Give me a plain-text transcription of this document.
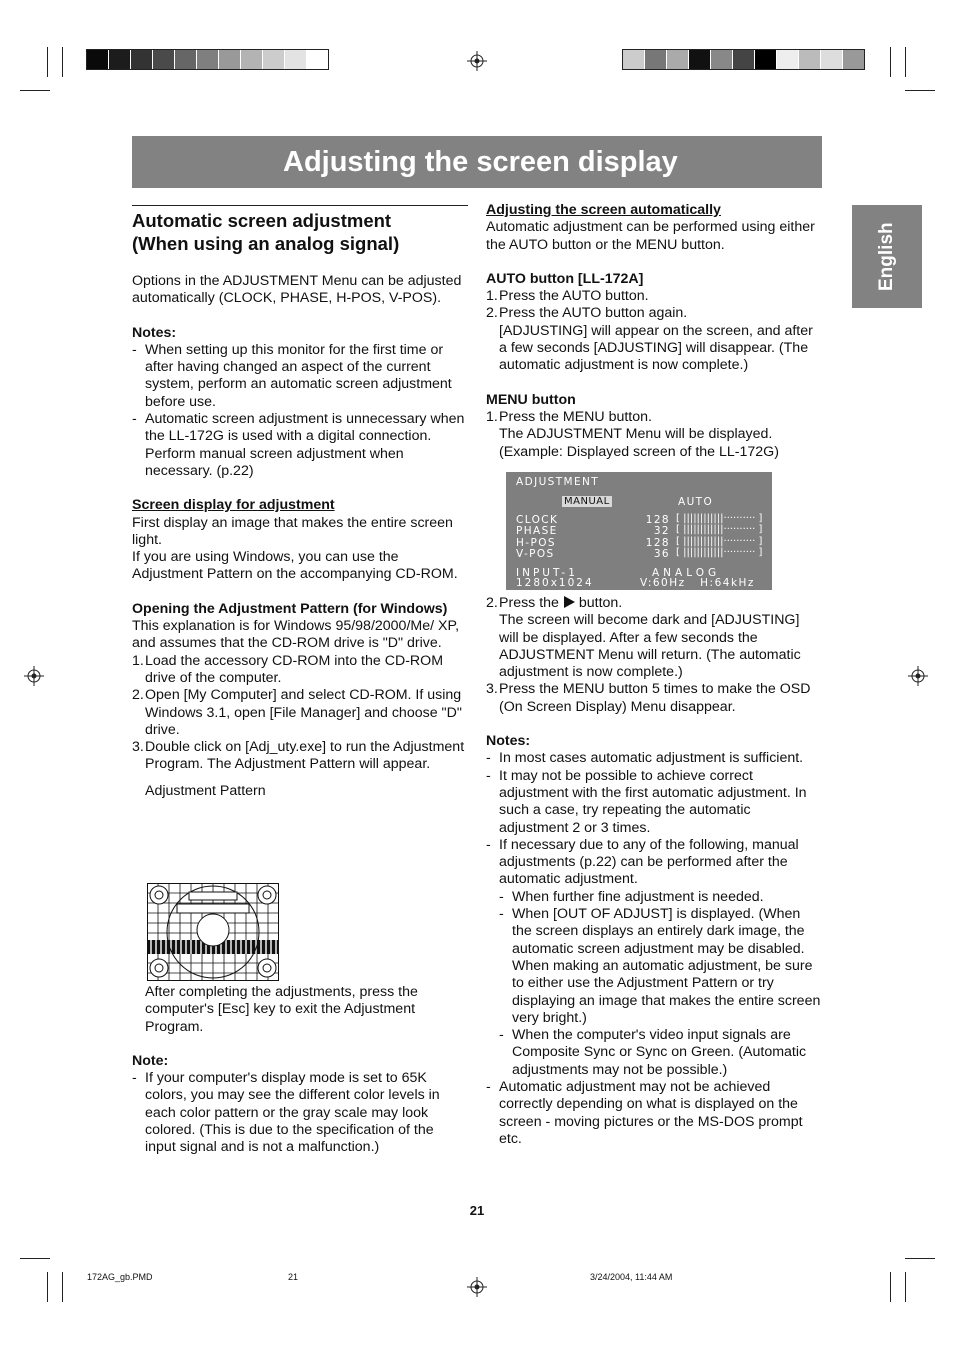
Adjusting the screen display
English
Automatic screen adjustment
(When using an analog signal)
Options in the ADJUSTMENT Menu can be adjusted automatically (CLOCK, PHASE, H-POS, V-POS).
Notes:
- When setting up this monitor for the first time or after having changed an aspect of the current system, perform an automatic screen adjustment before use.
- Automatic screen adjustment is unnecessary when the LL-172G is used with a digital connection. Perform manual screen adjustment when necessary. (p.22)
Screen display for adjustment
First display an image that makes the entire screen light.
If you are using Windows, you can use the Adjustment Pattern on the accompanying CD-ROM.
Opening the Adjustment Pattern (for Windows)
This explanation is for Windows 95/98/2000/Me/ XP, and assumes that the CD-ROM drive is "D" drive.
1. Load the accessory CD-ROM into the CD-ROM drive of the computer.
2. Open [My Computer] and select CD-ROM. If using Windows 3.1, open [File Manager] and choose "D" drive.
3. Double click on [Adj_uty.exe] to run the Adjustment Program. The Adjustment Pattern will appear.
Adjustment Pattern
After completing the adjustments, press the computer's [Esc] key to exit the Adjustment Program.
Note:
- If your computer's display mode is set to 65K colors, you may see the different color levels in each color pattern or the gray scale may look colored. (This is due to the specification of the input signal and is not a malfunction.)
Adjusting the screen automatically
Automatic adjustment can be performed using either the AUTO button or the MENU button.
AUTO button [LL-172A]
1. Press the AUTO button.
2. Press the AUTO button again.
[ADJUSTING] will appear on the screen, and after a few seconds [ADJUSTING] will disappear. (The automatic adjustment is now complete.)
MENU button
1. Press the MENU button.
The ADJUSTMENT Menu will be displayed. (Example: Displayed screen of the LL-172G)
ADJUSTMENT
MANUAL	AUTO
CLOCK	128 [ ||||||||||||·········· ]
PHASE	32 [ ||||||||||||·········· ]
H-POS	128 [ ||||||||||||·········· ]
V-POS	36 [ ||||||||||||·········· ]
INPUT-1	ANALOG
1280x1024	V:60Hz   H:64kHz
2. Press the button.
The screen will become dark and [ADJUSTING] will be displayed. After a few seconds the ADJUSTMENT Menu will return. (The automatic adjustment is now complete.)
3. Press the MENU button 5 times to make the OSD (On Screen Display) Menu disappear.
Notes:
- In most cases automatic adjustment is sufficient.
- It may not be possible to achieve correct adjustment with the first automatic adjustment. In such a case, try repeating the automatic adjustment 2 or 3 times.
- If necessary due to any of the following, manual adjustments (p.22) can be performed after the automatic adjustment.
- When further fine adjustment is needed.
- When [OUT OF ADJUST] is displayed. (When the screen displays an entirely dark image, the automatic screen adjustment may be disabled. When making an automatic adjustment, be sure to either use the Adjustment Pattern or try displaying an image that makes the entire screen very bright.)
- When the computer's video input signals are Composite Sync or Sync on Green. (Automatic adjustments may not be possible.)
- Automatic adjustment may not be achieved correctly depending on what is displayed on the screen - moving pictures or the MS-DOS prompt etc.
21
172AG_gb.PMD	21	3/24/2004, 11:44 AM
